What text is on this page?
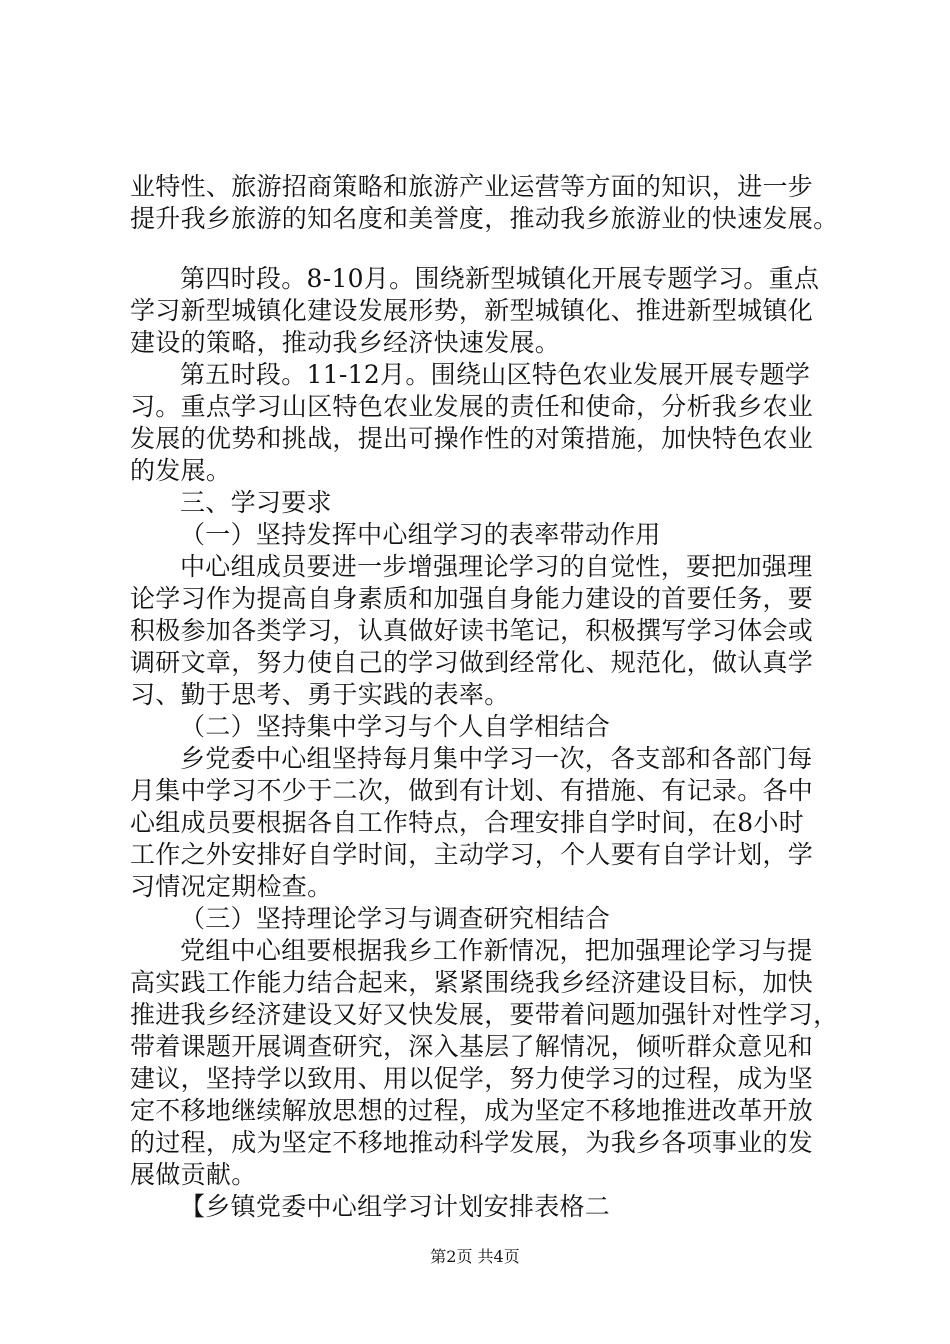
业特性、旅游招商策略和旅游产业运营等方面的知识，进一步
提升我乡旅游的知名度和美誉度，推动我乡旅游业的快速发展。
第四时段。8-10月。围绕新型城镇化开展专题学习。重点
学习新型城镇化建设发展形势，新型城镇化、推进新型城镇化
建设的策略，推动我乡经济快速发展。
第五时段。11-12月。围绕山区特色农业发展开展专题学
习。重点学习山区特色农业发展的责任和使命，分析我乡农业
发展的优势和挑战，提出可操作性的对策措施，加快特色农业
的发展。
三、学习要求
（一）坚持发挥中心组学习的表率带动作用
中心组成员要进一步增强理论学习的自觉性，要把加强理
论学习作为提高自身素质和加强自身能力建设的首要任务，要
积极参加各类学习，认真做好读书笔记，积极撰写学习体会或
调研文章，努力使自己的学习做到经常化、规范化，做认真学
习、勤于思考、勇于实践的表率。
（二）坚持集中学习与个人自学相结合
乡党委中心组坚持每月集中学习一次，各支部和各部门每
月集中学习不少于二次，做到有计划、有措施、有记录。各中
心组成员要根据各自工作特点，合理安排自学时间，在8小时
工作之外安排好自学时间，主动学习，个人要有自学计划，学
习情况定期检查。
（三）坚持理论学习与调查研究相结合
党组中心组要根据我乡工作新情况，把加强理论学习与提
高实践工作能力结合起来，紧紧围绕我乡经济建设目标，加快
推进我乡经济建设又好又快发展，要带着问题加强针对性学习，
带着课题开展调查研究，深入基层了解情况，倾听群众意见和
建议，坚持学以致用、用以促学，努力使学习的过程，成为坚
定不移地继续解放思想的过程，成为坚定不移地推进改革开放
的过程，成为坚定不移地推动科学发展，为我乡各项事业的发
展做贡献。
【乡镇党委中心组学习计划安排表格二
第2页 共4页
